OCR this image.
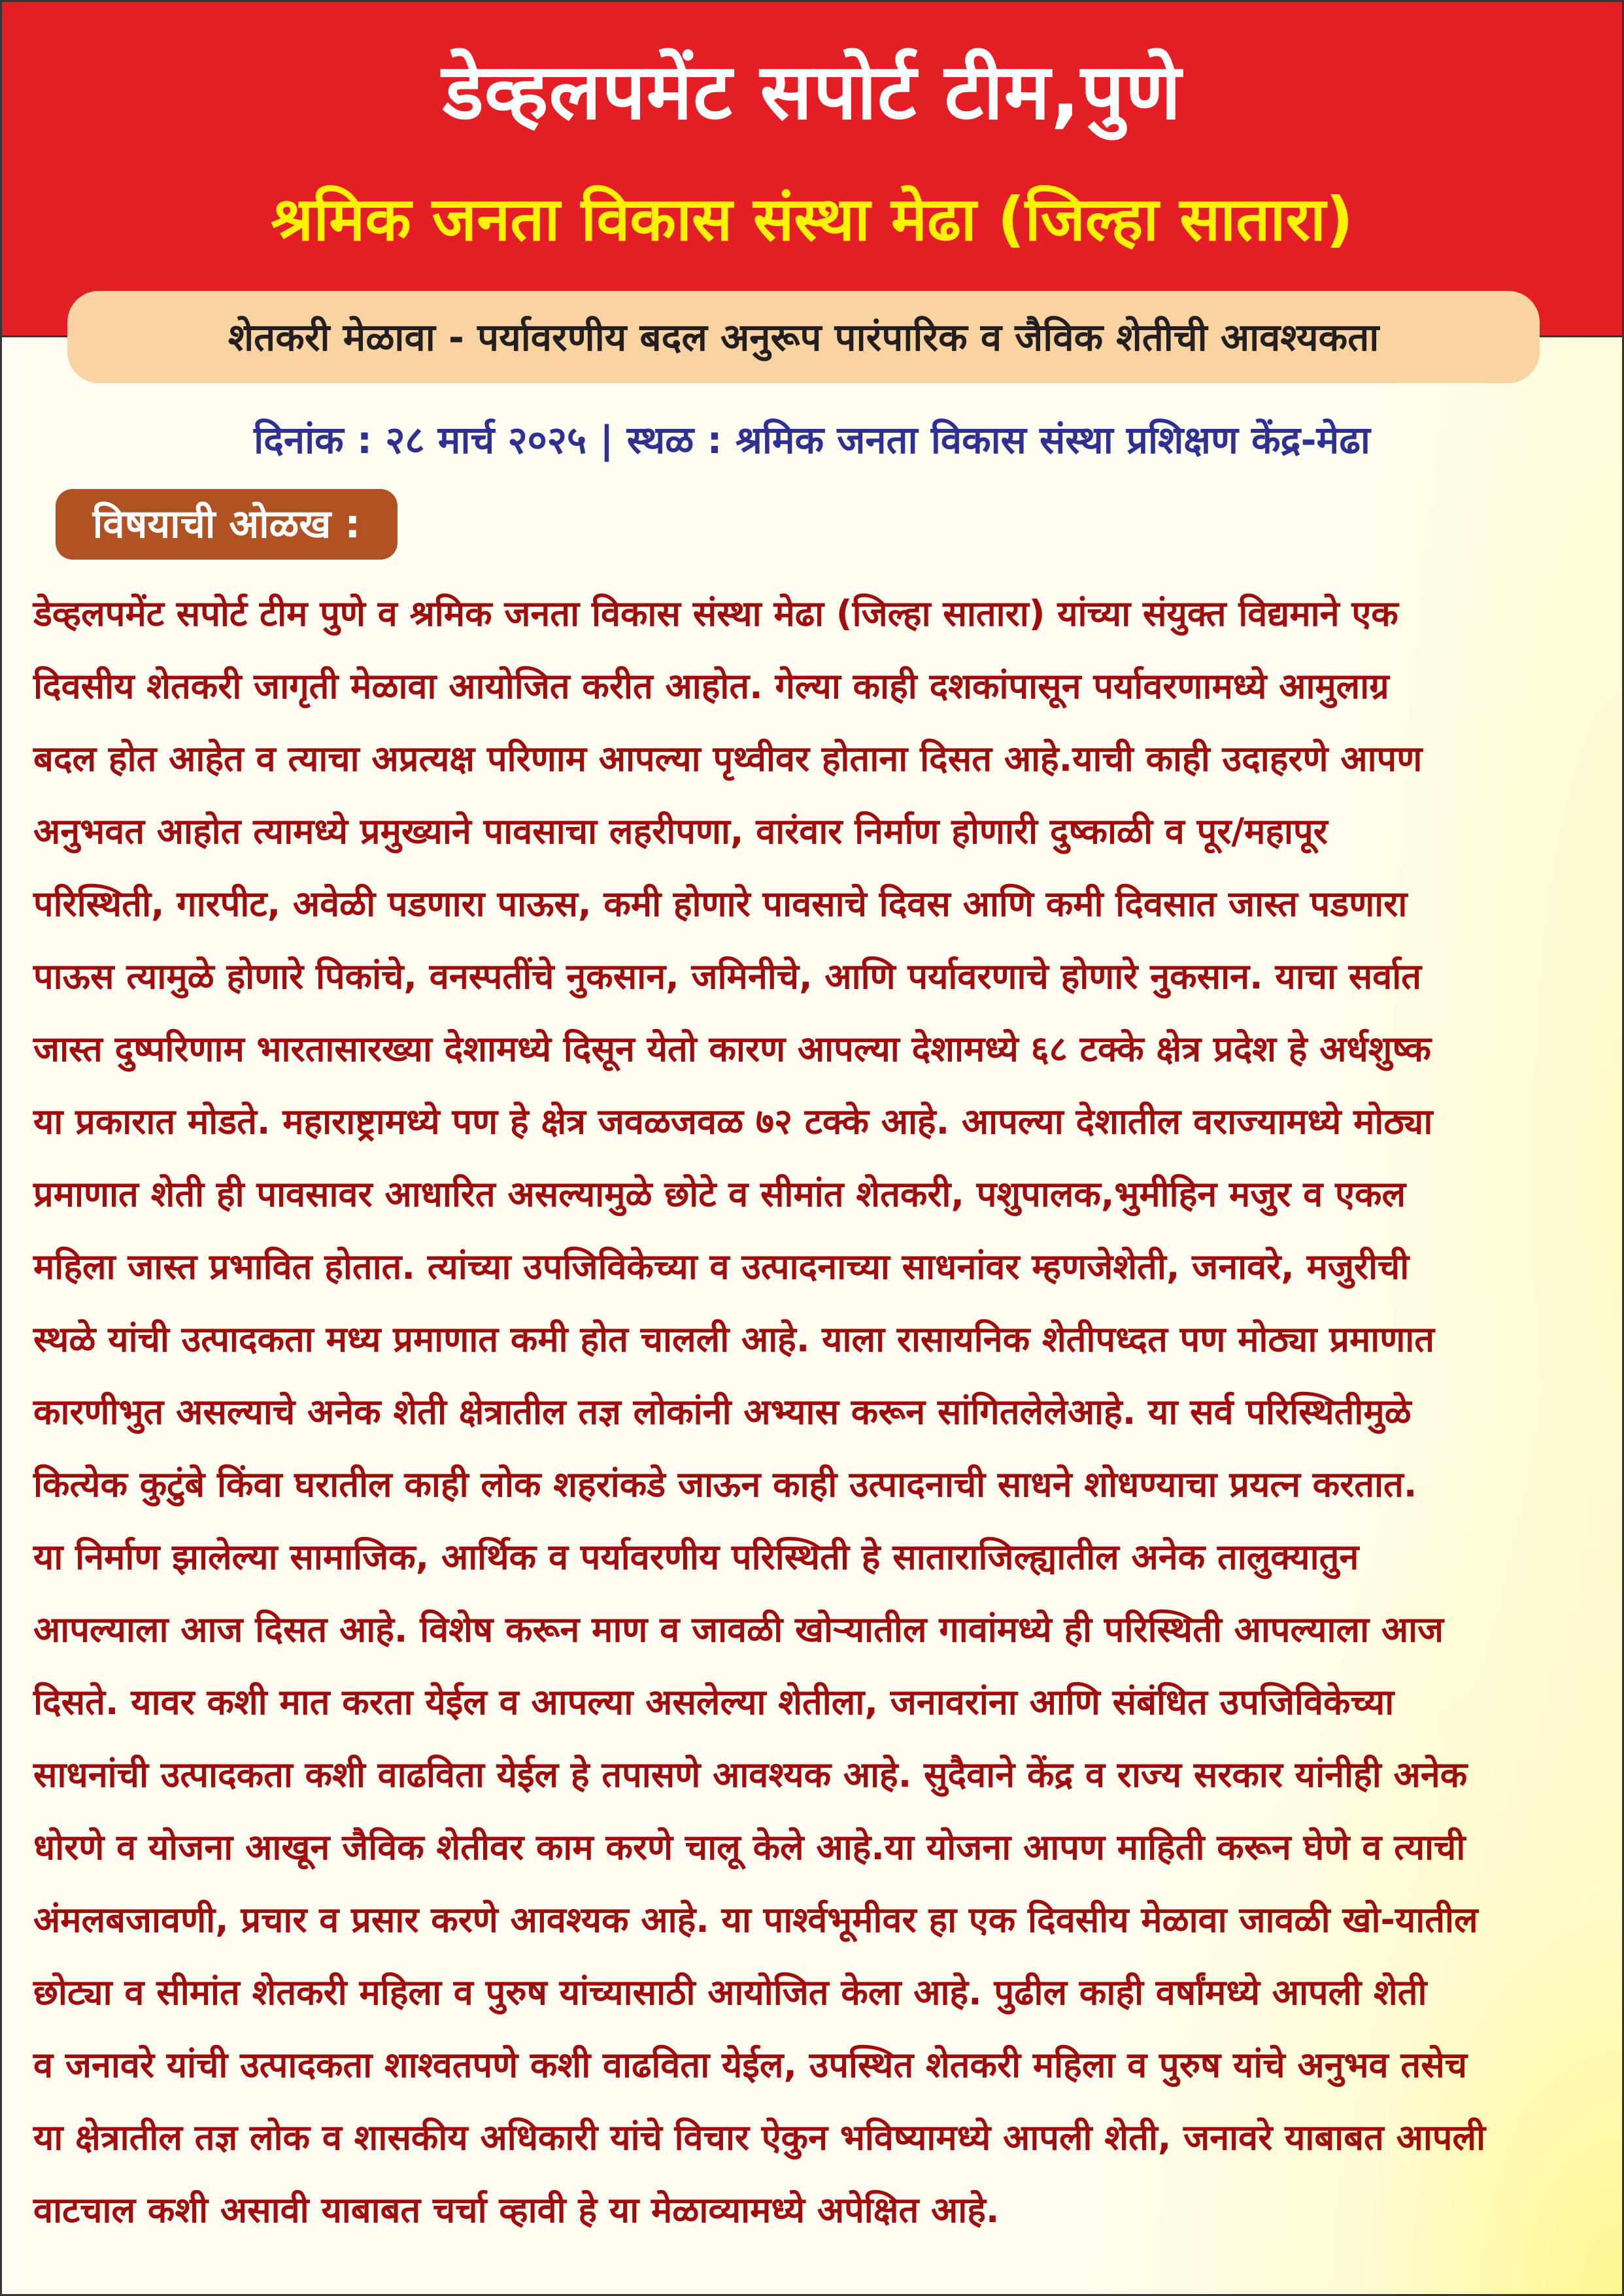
डेव्हलपमेंट सपोर्ट टीम,पुणे
श्रमिक जनता विकास संस्था मेढा (जिल्हा सातारा)
शेतकरी मेळावा - पर्यावरणीय बदल अनुरूप पारंपारिक व जैविक शेतीची आवश्यकता
दिनांक : २८ मार्च २०२५ | स्थळ : श्रमिक जनता विकास संस्था प्रशिक्षण केंद्र-मेढा
विषयाची ओळख :
डेव्हलपमेंट सपोर्ट टीम पुणे व श्रमिक जनता विकास संस्था मेढा (जिल्हा सातारा) यांच्या संयुक्त विद्यमाने एक
दिवसीय शेतकरी जागृती मेळावा आयोजित करीत आहोत. गेल्या काही दशकांपासून पर्यावरणामध्ये आमुलाग्र
बदल होत आहेत व त्याचा अप्रत्यक्ष परिणाम आपल्या पृथ्वीवर होताना दिसत आहे.याची काही उदाहरणे आपण
अनुभवत आहोत त्यामध्ये प्रमुख्याने पावसाचा लहरीपणा, वारंवार निर्माण होणारी दुष्काळी व पूर/महापूर
परिस्थिती, गारपीट, अवेळी पडणारा पाऊस, कमी होणारे पावसाचे दिवस आणि कमी दिवसात जास्त पडणारा
पाऊस त्यामुळे होणारे पिकांचे, वनस्पतींचे नुकसान, जमिनीचे, आणि पर्यावरणाचे होणारे नुकसान. याचा सर्वात
जास्त दुष्परिणाम भारतासारख्या देशामध्ये दिसून येतो कारण आपल्या देशामध्ये ६८ टक्के क्षेत्र प्रदेश हे अर्धशुष्क
या प्रकारात मोडते. महाराष्ट्रामध्ये पण हे क्षेत्र जवळजवळ ७२ टक्के आहे. आपल्या देशातील वराज्यामध्ये मोठ्या
प्रमाणात शेती ही पावसावर आधारित असल्यामुळे छोटे व सीमांत शेतकरी, पशुपालक,भुमीहिन मजुर व एकल
महिला जास्त प्रभावित होतात. त्यांच्या उपजिविकेच्या व उत्पादनाच्या साधनांवर म्हणजेशेती, जनावरे, मजुरीची
स्थळे यांची उत्पादकता मध्य प्रमाणात कमी होत चालली आहे. याला रासायनिक शेतीपध्दत पण मोठ्या प्रमाणात
कारणीभुत असल्याचे अनेक शेती क्षेत्रातील तज्ञ लोकांनी अभ्यास करून सांगितलेलेआहे. या सर्व परिस्थितीमुळे
कित्येक कुटुंबे किंवा घरातील काही लोक शहरांकडे जाऊन काही उत्पादनाची साधने शोधण्याचा प्रयत्न करतात.
या निर्माण झालेल्या सामाजिक, आर्थिक व पर्यावरणीय परिस्थिती हे साताराजिल्ह्यातील अनेक तालुक्यातुन
आपल्याला आज दिसत आहे. विशेष करून माण व जावळी खोऱ्यातील गावांमध्ये ही परिस्थिती आपल्याला आज
दिसते. यावर कशी मात करता येईल व आपल्या असलेल्या शेतीला, जनावरांना आणि संबंधित उपजिविकेच्या
साधनांची उत्पादकता कशी वाढविता येईल हे तपासणे आवश्यक आहे. सुदैवाने केंद्र व राज्य सरकार यांनीही अनेक
धोरणे व योजना आखून जैविक शेतीवर काम करणे चालू केले आहे.या योजना आपण माहिती करून घेणे व त्याची
अंमलबजावणी, प्रचार व प्रसार करणे आवश्यक आहे. या पार्श्वभूमीवर हा एक दिवसीय मेळावा जावळी खो-यातील
छोट्या व सीमांत शेतकरी महिला व पुरुष यांच्यासाठी आयोजित केला आहे. पुढील काही वर्षांमध्ये आपली शेती
व जनावरे यांची उत्पादकता शाश्वतपणे कशी वाढविता येईल, उपस्थित शेतकरी महिला व पुरुष यांचे अनुभव तसेच
या क्षेत्रातील तज्ञ लोक व शासकीय अधिकारी यांचे विचार ऐकुन भविष्यामध्ये आपली शेती, जनावरे याबाबत आपली
वाटचाल कशी असावी याबाबत चर्चा व्हावी हे या मेळाव्यामध्ये अपेक्षित आहे.
